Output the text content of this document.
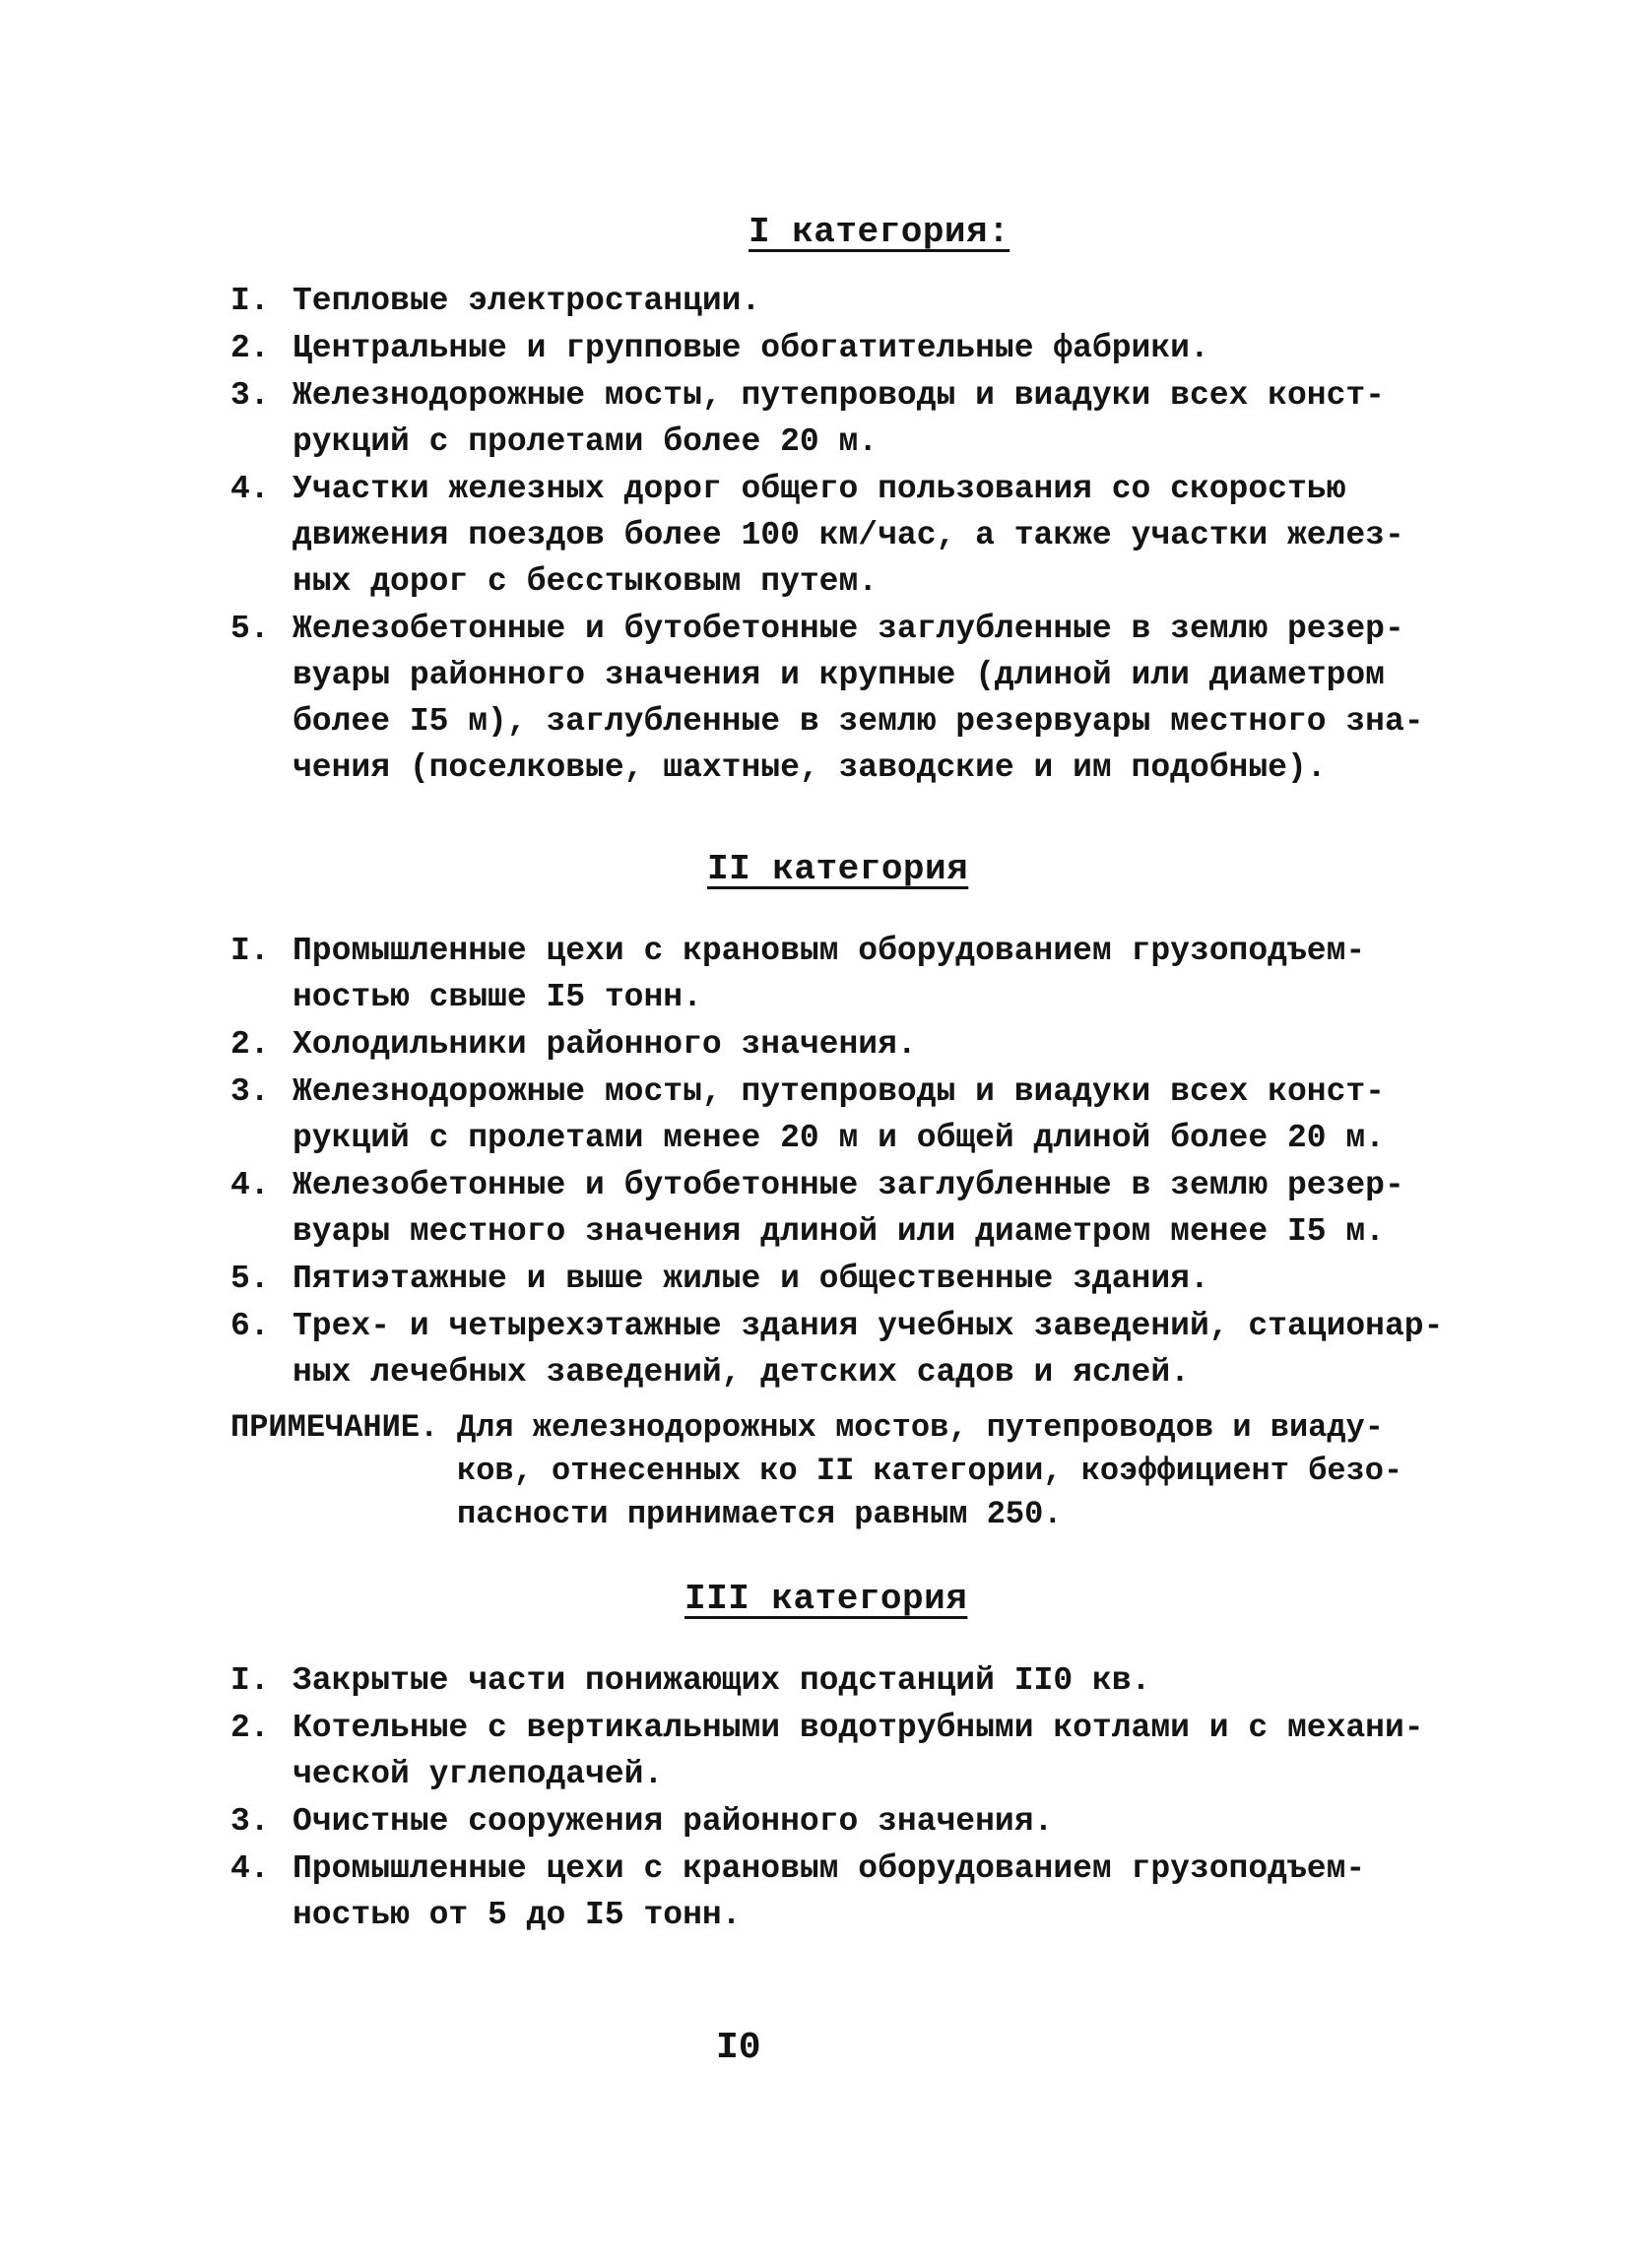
I категория:
I. Тепловые электростанции.
2. Центральные и групповые обогатительные фабрики.
3. Железнодорожные мосты, путепроводы и виадуки всех конст-
рукций с пролетами более 20 м.
4. Участки железных дорог общего пользования со скоростью
движения поездов более 100 км/час, а также участки желез-
ных дорог с бесстыковым путем.
5. Железобетонные и бутобетонные заглубленные в землю резер-
вуары районного значения и крупные (длиной или диаметром
более I5 м), заглубленные в землю резервуары местного зна-
чения (поселковые, шахтные, заводские и им подобные).
II категория
I. Промышленные цехи с крановым оборудованием грузоподъем-
ностью свыше I5 тонн.
2. Холодильники районного значения.
3. Железнодорожные мосты, путепроводы и виадуки всех конст-
рукций с пролетами менее 20 м и общей длиной более 20 м.
4. Железобетонные и бутобетонные заглубленные в землю резер-
вуары местного значения длиной или диаметром менее I5 м.
5. Пятиэтажные и выше жилые и общественные здания.
6. Трех- и четырехэтажные здания учебных заведений, стационар-
ных лечебных заведений, детских садов и яслей.
ПРИМЕЧАНИЕ. Для железнодорожных мостов, путепроводов и виаду-
ков, отнесенных ко II категории, коэффициент безо-
пасности принимается равным 250.
III категория
I. Закрытые части понижающих подстанций II0 кв.
2. Котельные с вертикальными водотрубными котлами и с механи-
ческой углеподачей.
3. Очистные сооружения районного значения.
4. Промышленные цехи с крановым оборудованием грузоподъем-
ностью от 5 до I5 тонн.
I0
